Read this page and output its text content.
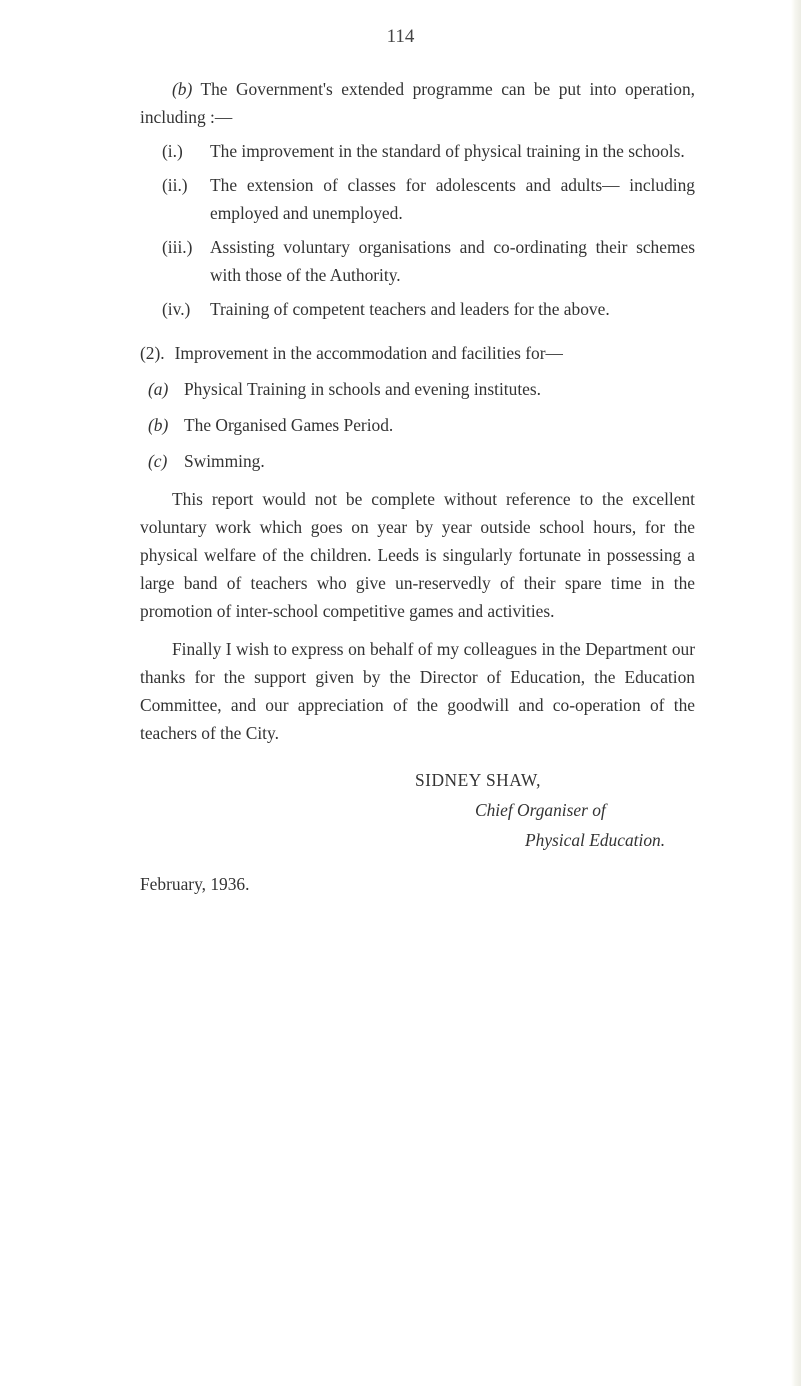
114

(b) The Government's extended programme can be put into operation, including :—

(i.) The improvement in the standard of physical training in the schools.
(ii.) The extension of classes for adolescents and adults— including employed and unemployed.
(iii.) Assisting voluntary organisations and co-ordinating their schemes with those of the Authority.
(iv.) Training of competent teachers and leaders for the above.

(2). Improvement in the accommodation and facilities for—

(a) Physical Training in schools and evening institutes.
(b) The Organised Games Period.
(c) Swimming.

This report would not be complete without reference to the excellent voluntary work which goes on year by year outside school hours, for the physical welfare of the children. Leeds is singularly fortunate in possessing a large band of teachers who give un-reservedly of their spare time in the promotion of inter-school competitive games and activities.

Finally I wish to express on behalf of my colleagues in the Department our thanks for the support given by the Director of Education, the Education Committee, and our appreciation of the goodwill and co-operation of the teachers of the City.

SIDNEY SHAW,
Chief Organiser of
Physical Education.
February, 1936.
